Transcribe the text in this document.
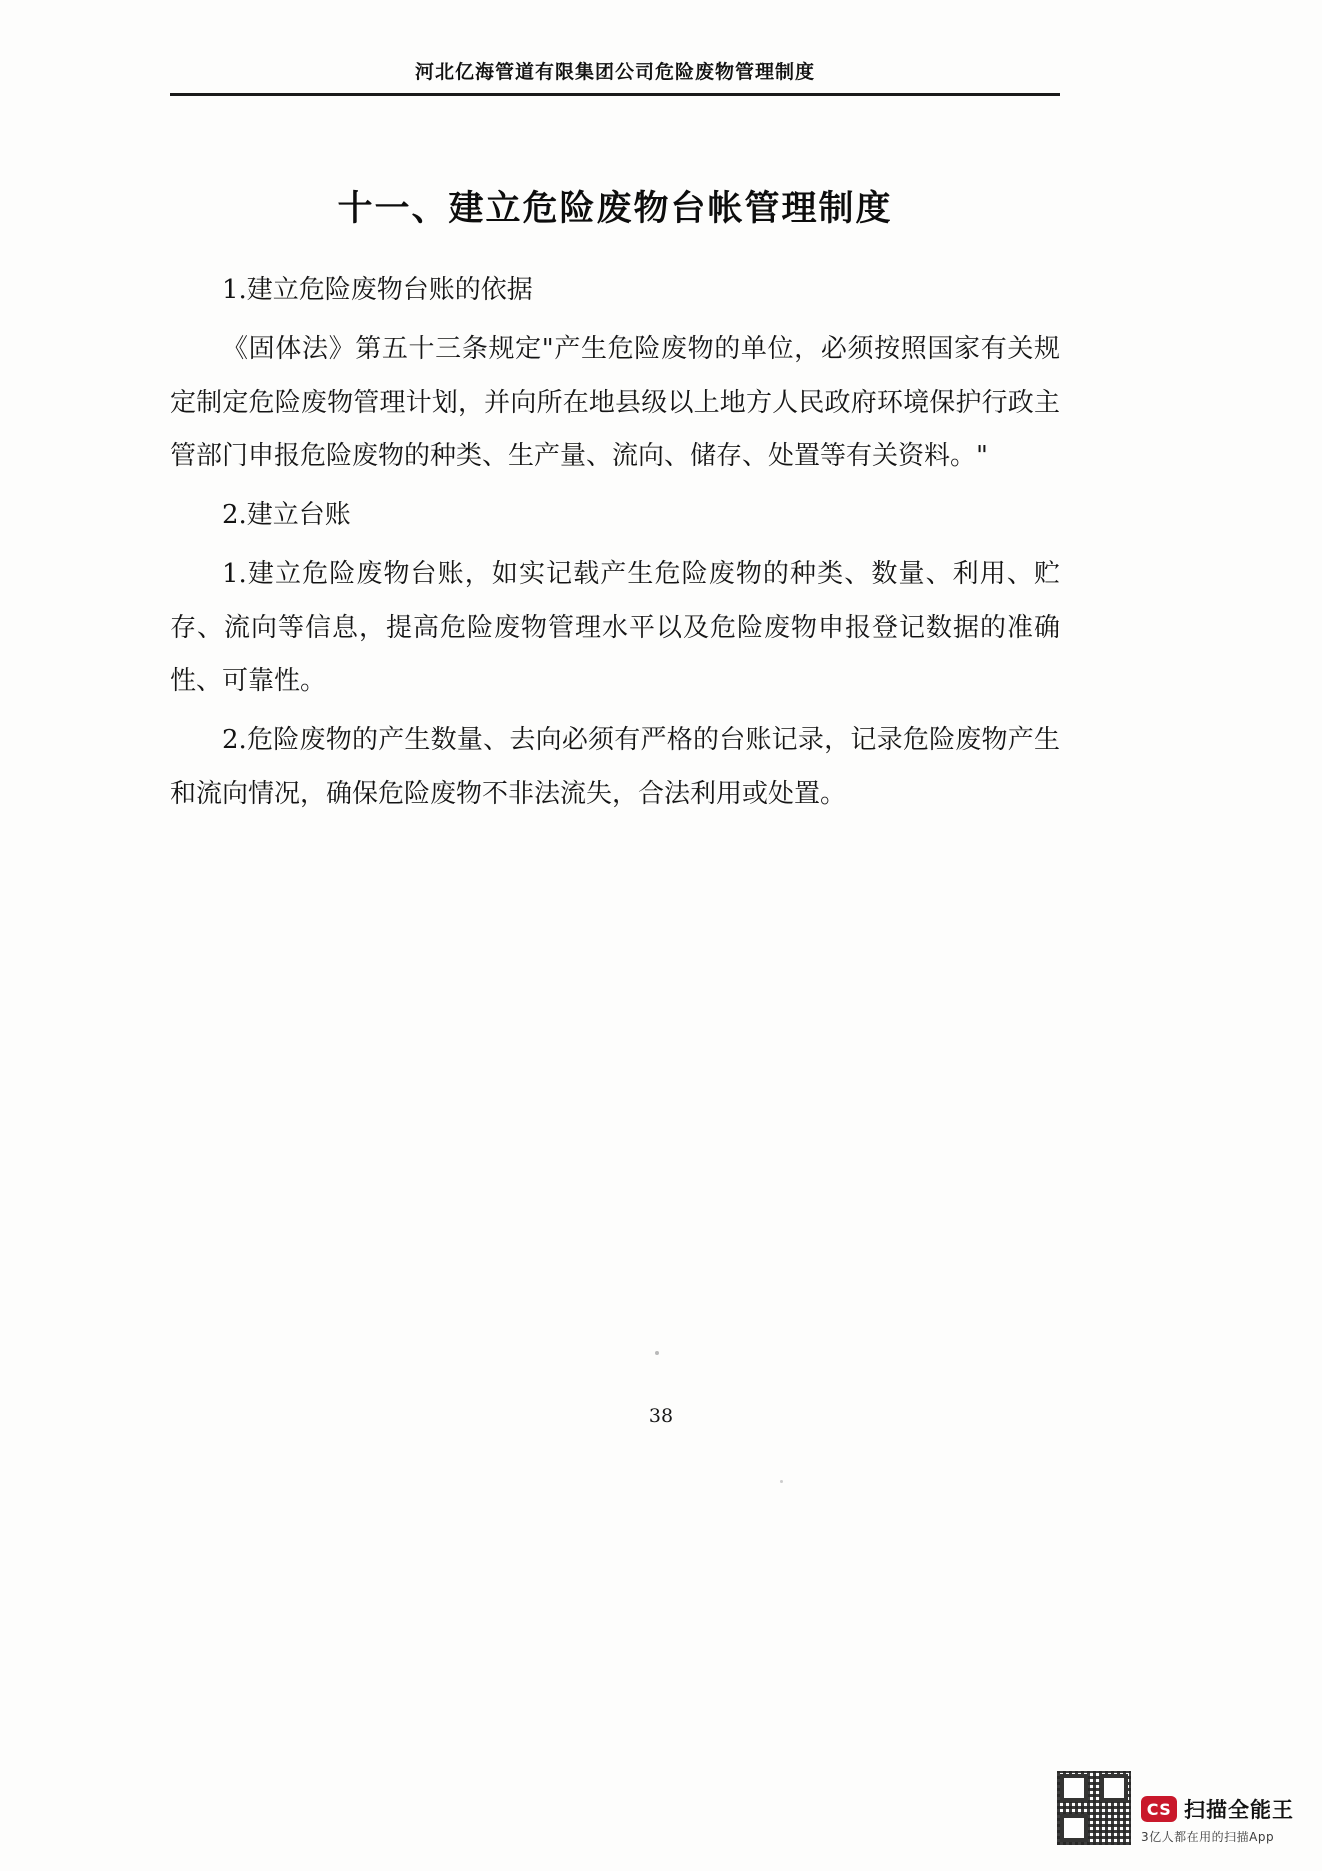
河北亿海管道有限集团公司危险废物管理制度
十一、建立危险废物台帐管理制度

1.建立危险废物台账的依据

《固体法》第五十三条规定"产生危险废物的单位，必须按照国家有关规定制定危险废物管理计划，并向所在地县级以上地方人民政府环境保护行政主管部门申报危险废物的种类、生产量、流向、储存、处置等有关资料。"

2.建立台账

1.建立危险废物台账，如实记载产生危险废物的种类、数量、利用、贮存、流向等信息，提高危险废物管理水平以及危险废物申报登记数据的准确性、可靠性。

2.危险废物的产生数量、去向必须有严格的台账记录，记录危险废物产生和流向情况，确保危险废物不非法流失，合法利用或处置。

38
CS 扫描全能王
3亿人都在用的扫描App
